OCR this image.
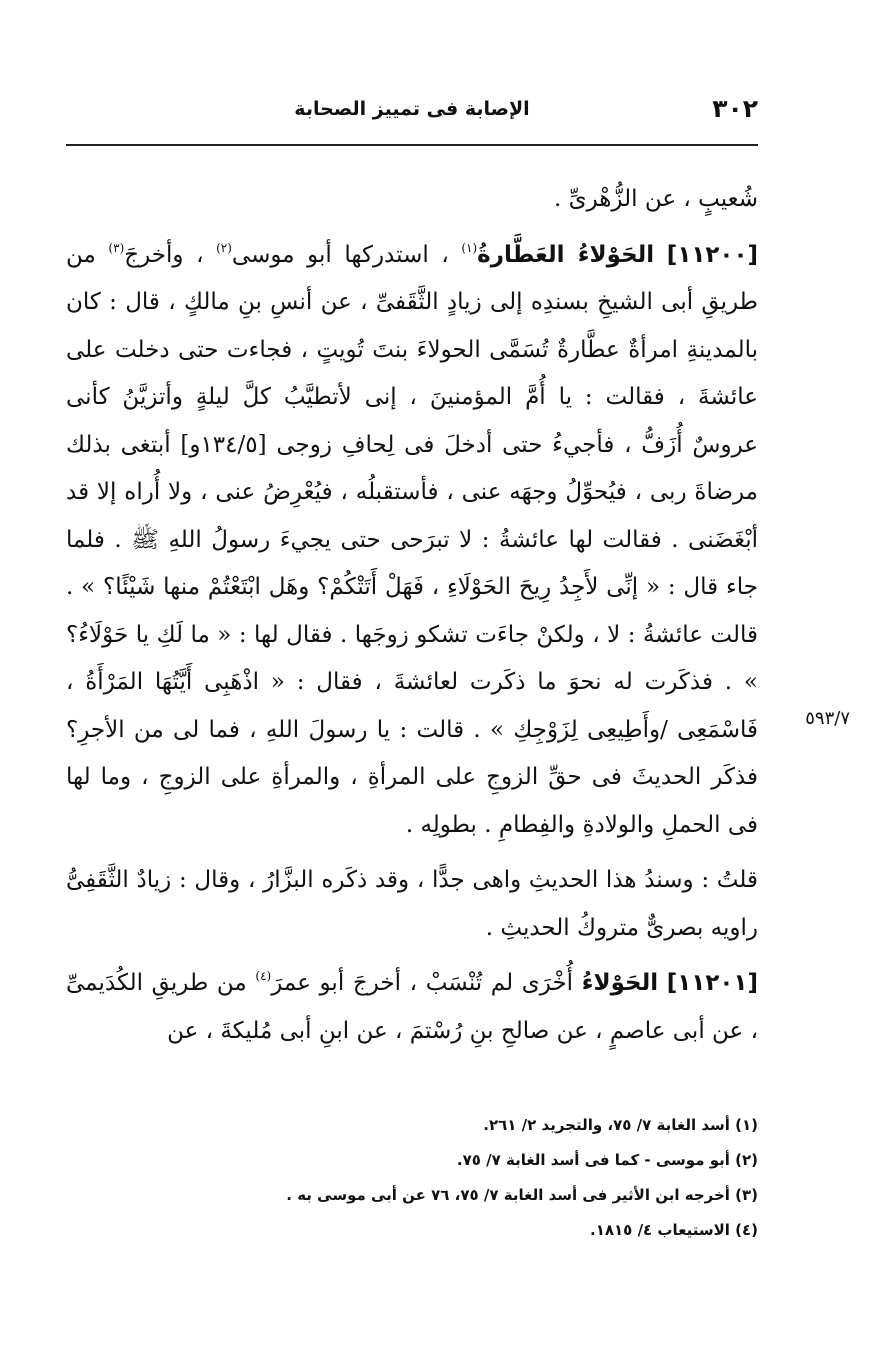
٣٠٢
الإصابة فى تمييز الصحابة
٥٩٣/٧

شُعيبٍ ، عن الزُّهْرىِّ .

[١١٢٠٠] الحَوْلاءُ العَطَّارةُ$^{(١)}$ ، استدركها أبو موسى$^{(٢)}$ ، وأخرجَ$^{(٣)}$ من طريقِ أبى الشيخِ بسندِه إلى زيادٍ الثَّقَفىِّ ، عن أنسِ بنِ مالكٍ ، قال : كان بالمدينةِ امرأةٌ عطَّارةٌ تُسَمَّى الحولاءَ بنتَ تُويتٍ ، فجاءت حتى دخلت على عائشةَ ، فقالت : يا أُمَّ المؤمنينَ ، إنى لأتطيَّبُ كلَّ ليلةٍ وأتزيَّنُ كأنى عروسٌ أُزَفُّ ، فأجيءُ حتى أدخلَ فى لِحافِ زوجى [١٣٤/٥و] أبتغى بذلك مرضاةَ ربى ، فيُحوِّلُ وجهَه عنى ، فأستقبلُه ، فيُعْرِضُ عنى ، ولا أُراه إلا قد أبْغَضَنى . فقالت لها عائشةُ : لا تبرَحى حتى يجيءَ رسولُ اللهِ ﷺ . فلما جاء قال : « إنِّى لأَجِدُ رِيحَ الحَوْلَاءِ ، فَهَلْ أَتَتْكُمْ؟ وهَل ابْتَعْتُمْ منها شَيْئًا؟ » . قالت عائشةُ : لا ، ولكنْ جاءَت تشكو زوجَها . فقال لها : « ما لَكِ يا حَوْلَاءُ؟ » . فذكَرت له نحوَ ما ذكَرت لعائشةَ ، فقال : « اذْهَبِى أَيَّتُهَا المَرْأَةُ ، فَاسْمَعِى /وأَطِيعِى لِزَوْجِكِ » . قالت : يا رسولَ اللهِ ، فما لى من الأجرِ؟ فذكَر الحديثَ فى حقِّ الزوجِ على المرأةِ ، والمرأةِ على الزوجِ ، وما لها فى الحملِ والولادةِ والفِطامِ . بطولِه .

قلتُ : وسندُ هذا الحديثِ واهى جدًّا ، وقد ذكَره البزَّارُ ، وقال : زيادٌ الثَّقَفِىُّ راويه بصرىٌّ متروكُ الحديثِ .

[١١٢٠١] الحَوْلاءُ أُخْرَى لم تُنْسَبْ ، أخرجَ أبو عمرَ$^{(٤)}$ من طريقِ الكُدَيمىِّ ، عن أبى عاصمٍ ، عن صالحِ بنِ رُسْتمَ ، عن ابنِ أبى مُليكةَ ، عن

(١) أسد الغابة ٧/ ٧٥، والتجريد ٢/ ٢٦١.
(٢) أبو موسى - كما فى أسد الغابة ٧/ ٧٥.
(٣) أخرجه ابن الأثير فى أسد الغابة ٧/ ٧٥، ٧٦ عن أبى موسى به .
(٤) الاستيعاب ٤/ ١٨١٥.
